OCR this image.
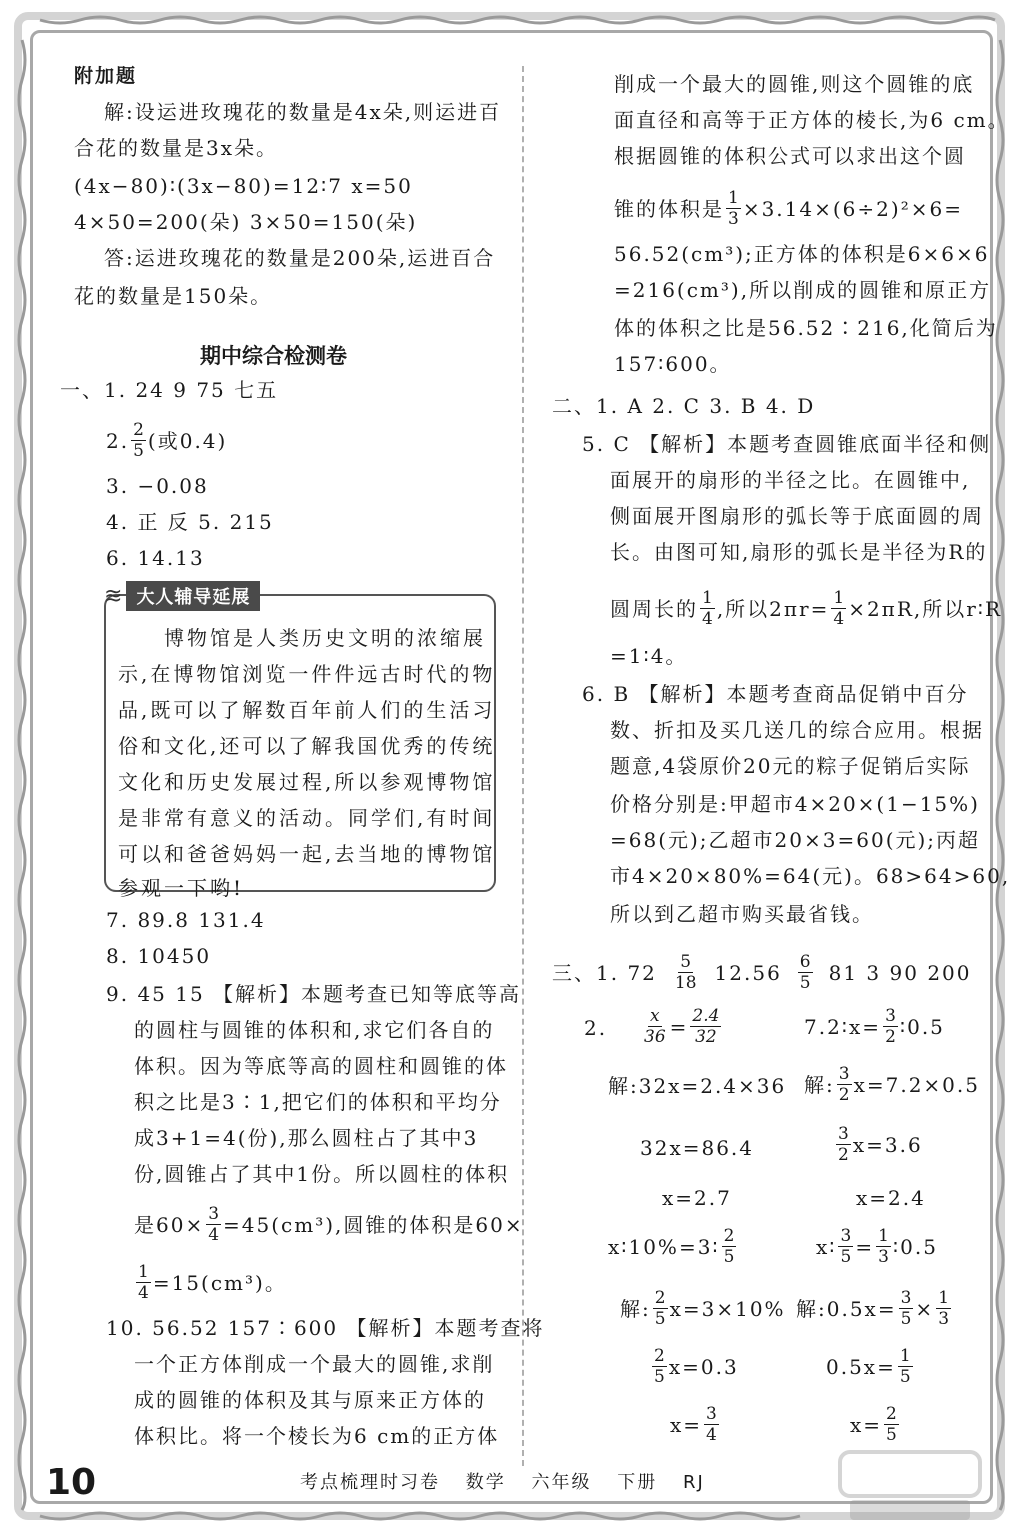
附加题
解:设运进玫瑰花的数量是4x朵,则运进百
合花的数量是3x朵。
(4x−80)∶(3x−80)=12∶7 x=50
4×50=200(朵) 3×50=150(朵)
答:运进玫瑰花的数量是200朵,运进百合
花的数量是150朵。
期中综合检测卷
一、1. 24 9 75 七五
2. $\frac{2}{5}$ (或0.4)
3. −0.08
4. 正 反 5. 215
6. 14.13
≋ 大人辅导延展
博物馆是人类历史文明的浓缩展
示,在博物馆浏览一件件远古时代的物
品,既可以了解数百年前人们的生活习
俗和文化,还可以了解我国优秀的传统
文化和历史发展过程,所以参观博物馆
是非常有意义的活动。同学们,有时间
可以和爸爸妈妈一起,去当地的博物馆
参观一下哟!
7. 89.8 131.4
8. 10450
9. 45 15 【解析】本题考查已知等底等高
的圆柱与圆锥的体积和,求它们各自的
体积。因为等底等高的圆柱和圆锥的体
积之比是3∶1,把它们的体积和平均分
成3+1=4(份),那么圆柱占了其中3
份,圆锥占了其中1份。所以圆柱的体积
是$60\times \frac{3}{4} =45(cm^3)$,圆锥的体积是60×
$\frac{1}{4} =15(cm^3)$。
10. 56.52 157∶600 【解析】本题考查将
一个正方体削成一个最大的圆锥,求削
成的圆锥的体积及其与原来正方体的
体积比。将一个棱长为6 cm的正方体
削成一个最大的圆锥,则这个圆锥的底
面直径和高等于正方体的棱长,为6 cm。
根据圆锥的体积公式可以求出这个圆
锥的体积是 $\frac{1}{3} \times 3.14\times(6\div 2)^2\times 6=$
56.52(cm³);正方体的体积是6×6×6
=216(cm³),所以削成的圆锥和原正方
体的体积之比是56.52∶216,化简后为
157∶600。
二、1. A 2. C 3. B 4. D
5. C 【解析】本题考查圆锥底面半径和侧
面展开的扇形的半径之比。在圆锥中,
侧面展开图扇形的弧长等于底面圆的周
长。由图可知,扇形的弧长是半径为R的
圆周长的 $\frac{1}{4}$ ,所以$2\pi r= \frac{1}{4} \times 2\pi R$,所以r∶R
=1∶4。
6. B 【解析】本题考查商品促销中百分
数、折扣及买几送几的综合应用。根据
题意,4袋原价20元的粽子促销后实际
价格分别是:甲超市4×20×(1−15%)
=68(元);乙超市20×3=60(元);丙超
市4×20×80%=64(元)。68>64>60,
所以到乙超市购买最省钱。
三、1. $72 \frac{5}{18} 12.56 \frac{6}{5} 81$ 3 90 200
2. $\frac{x}{36} = \frac{2.4}{32}$	7.2∶x= $\frac{3}{2}$ ∶0.5
解:32x=2.4×36 解: $\frac{3}{2} x=7.2\times 0.5$
32x=86.4	$\frac{3}{2} x=3.6$
x=2.7	x=2.4
x∶10%=3∶ $\frac{2}{5}$	x∶ $\frac{3}{5} = \frac{1}{3}$ ∶0.5
解: $\frac{2}{5} x=3\times 10\%$ 解:0.5x= $\frac{3}{5} \times \frac{1}{3}$
$\frac{2}{5} x=0.3$	$0.5x= \frac{1}{5}$
$x= \frac{3}{4}$	$x= \frac{2}{5}$
10	考点梳理时习卷 数学 六年级 下册 RJ
